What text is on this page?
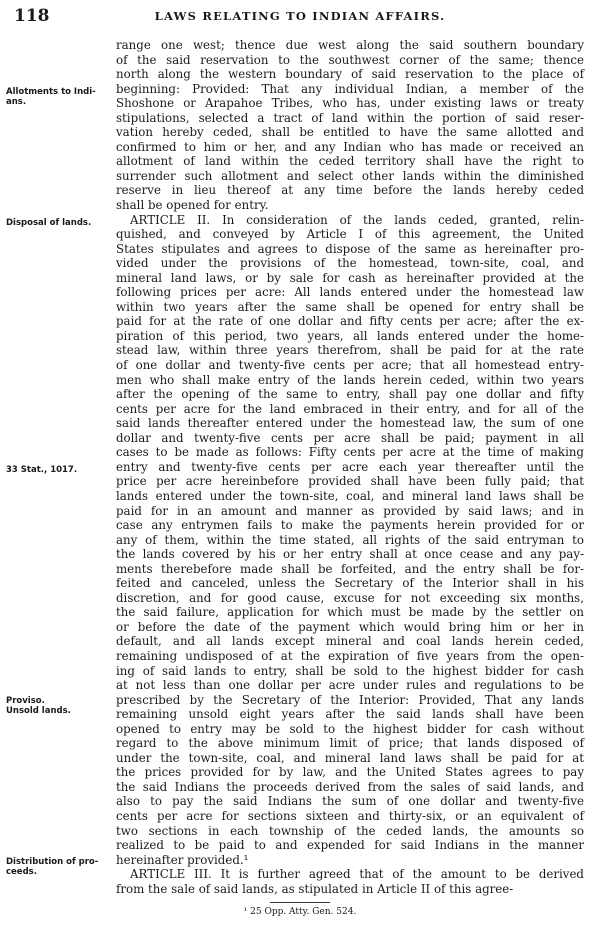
118	LAWS RELATING TO INDIAN AFFAIRS.
Allotments to Indians.
Disposal of lands.
33 Stat., 1017.
Proviso.
Unsold lands.
Distribution of proceeds.
range one west; thence due west along the said southern boundary
of the said reservation to the southwest corner of the same; thence
north along the western boundary of said reservation to the place of
beginning: Provided: That any individual Indian, a member of the
Shoshone or Arapahoe Tribes, who has, under existing laws or treaty
stipulations, selected a tract of land within the portion of said reser-
vation hereby ceded, shall be entitled to have the same allotted and
confirmed to him or her, and any Indian who has made or received an
allotment of land within the ceded territory shall have the right to
surrender such allotment and select other lands within the diminished
reserve in lieu thereof at any time before the lands hereby ceded
shall be opened for entry.
ARTICLE II. In consideration of the lands ceded, granted, relin-
quished, and conveyed by Article I of this agreement, the United
States stipulates and agrees to dispose of the same as hereinafter pro-
vided under the provisions of the homestead, town-site, coal, and
mineral land laws, or by sale for cash as hereinafter provided at the
following prices per acre: All lands entered under the homestead law
within two years after the same shall be opened for entry shall be
paid for at the rate of one dollar and fifty cents per acre; after the ex-
piration of this period, two years, all lands entered under the home-
stead law, within three years therefrom, shall be paid for at the rate
of one dollar and twenty-five cents per acre; that all homestead entry-
men who shall make entry of the lands herein ceded, within two years
after the opening of the same to entry, shall pay one dollar and fifty
cents per acre for the land embraced in their entry, and for all of the
said lands thereafter entered under the homestead law, the sum of one
dollar and twenty-five cents per acre shall be paid; payment in all
cases to be made as follows: Fifty cents per acre at the time of making
entry and twenty-five cents per acre each year thereafter until the
price per acre hereinbefore provided shall have been fully paid; that
lands entered under the town-site, coal, and mineral land laws shall be
paid for in an amount and manner as provided by said laws; and in
case any entrymen fails to make the payments herein provided for or
any of them, within the time stated, all rights of the said entryman to
the lands covered by his or her entry shall at once cease and any pay-
ments therebefore made shall be forfeited, and the entry shall be for-
feited and canceled, unless the Secretary of the Interior shall in his
discretion, and for good cause, excuse for not exceeding six months,
the said failure, application for which must be made by the settler on
or before the date of the payment which would bring him or her in
default, and all lands except mineral and coal lands herein ceded,
remaining undisposed of at the expiration of five years from the open-
ing of said lands to entry, shall be sold to the highest bidder for cash
at not less than one dollar per acre under rules and regulations to be
prescribed by the Secretary of the Interior: Provided, That any lands
remaining unsold eight years after the said lands shall have been
opened to entry may be sold to the highest bidder for cash without
regard to the above minimum limit of price; that lands disposed of
under the town-site, coal, and mineral land laws shall be paid for at
the prices provided for by law, and the United States agrees to pay
the said Indians the proceeds derived from the sales of said lands, and
also to pay the said Indians the sum of one dollar and twenty-five
cents per acre for sections sixteen and thirty-six, or an equivalent of
two sections in each township of the ceded lands, the amounts so
realized to be paid to and expended for said Indians in the manner
hereinafter provided.¹
ARTICLE III. It is further agreed that of the amount to be derived
from the sale of said lands, as stipulated in Article II of this agree-
¹ 25 Opp. Atty. Gen. 524.
